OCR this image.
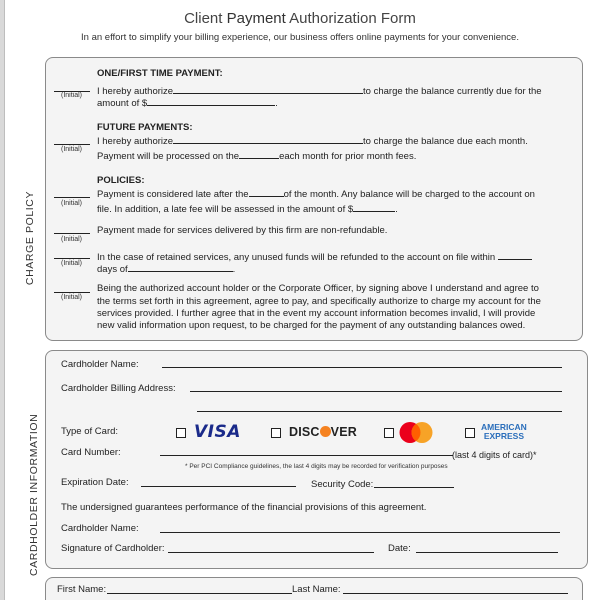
Client Payment Authorization Form
In an effort to simplify your billing experience, our business offers online payments for your convenience.
CHARGE POLICY
ONE/FIRST TIME PAYMENT:
(Initial) I hereby authorize	to charge the balance currently due for the
amount of $	.
FUTURE PAYMENTS:
(Initial)
I hereby authorize	to charge the balance due each month.
Payment will be processed on the	each month for prior month fees.
POLICIES:
(Initial)
Payment is considered late after the	of the month. Any balance will be charged to the account on
file. In addition, a late fee will be assessed in the amount of $	.
(Initial)
Payment made for services delivered by this firm are non-refundable.
(Initial)
In the case of retained services, any unused funds will be refunded to the account on file within
days of	.
(Initial)
Being the authorized account holder or the Corporate Officer, by signing above I understand and agree to
the terms set forth in this agreement, agree to pay, and specifically authorize to charge my account for the
services provided. I further agree that in the event my account information becomes invalid, I will provide
new valid information upon request, to be charged for the payment of any outstanding balances owed.
CARDHOLDER INFORMATION
Cardholder Name:
Cardholder Billing Address:
Type of Card:	VISA	DISC VER	AMERICAN
EXPRESS
Card Number:	(last 4 digits of card)*
* Per PCI Compliance guidelines, the last 4 digits may be recorded for verification purposes
Expiration Date:	Security Code:
The undersigned guarantees performance of the financial provisions of this agreement.
Cardholder Name:
Signature of Cardholder:	Date:
First Name:	Last Name:
